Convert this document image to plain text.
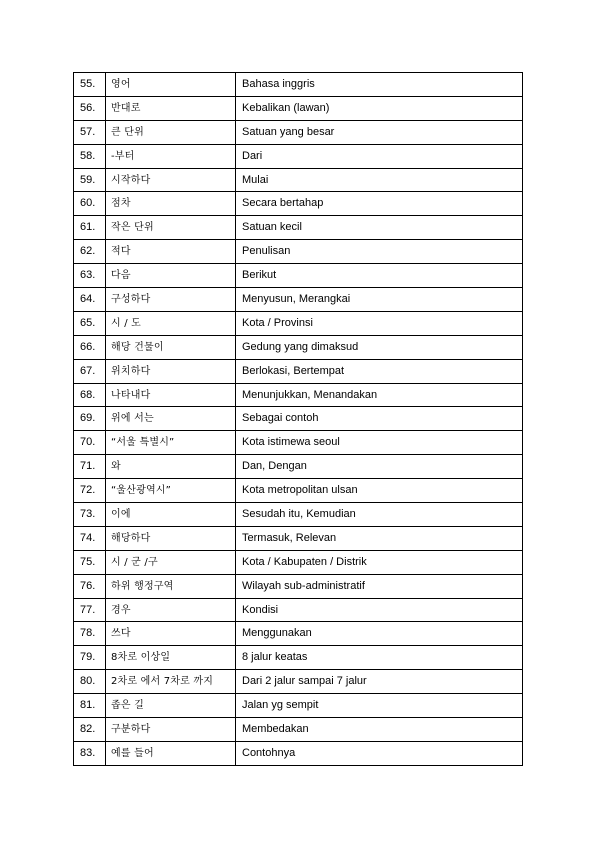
55.	영어	Bahasa inggris
56.	반대로	Kebalikan (lawan)
57.	큰 단위	Satuan yang besar
58.	-부터	Dari
59.	시작하다	Mulai
60.	점차	Secara bertahap
61.	작은 단위	Satuan kecil
62.	적다	Penulisan
63.	다음	Berikut
64.	구성하다	Menyusun, Merangkai
65.	시 / 도	Kota / Provinsi
66.	해당 건물이	Gedung yang dimaksud
67.	위치하다	Berlokasi, Bertempat
68.	나타내다	Menunjukkan, Menandakan
69.	위에 서는	Sebagai contoh
70.	“서울 특별시”	Kota istimewa seoul
71.	와	Dan, Dengan
72.	“울산광역시”	Kota metropolitan ulsan
73.	이에	Sesudah itu, Kemudian
74.	해당하다	Termasuk, Relevan
75.	시 / 군 /구	Kota / Kabupaten / Distrik
76.	하위 행정구역	Wilayah sub-administratif
77.	경우	Kondisi
78.	쓰다	Menggunakan
79.	8차로 이상일	8 jalur keatas
80.	2차로 에서 7차로 까지	Dari 2 jalur sampai 7 jalur
81.	좁은 길	Jalan yg sempit
82.	구분하다	Membedakan
83.	예를 들어	Contohnya
